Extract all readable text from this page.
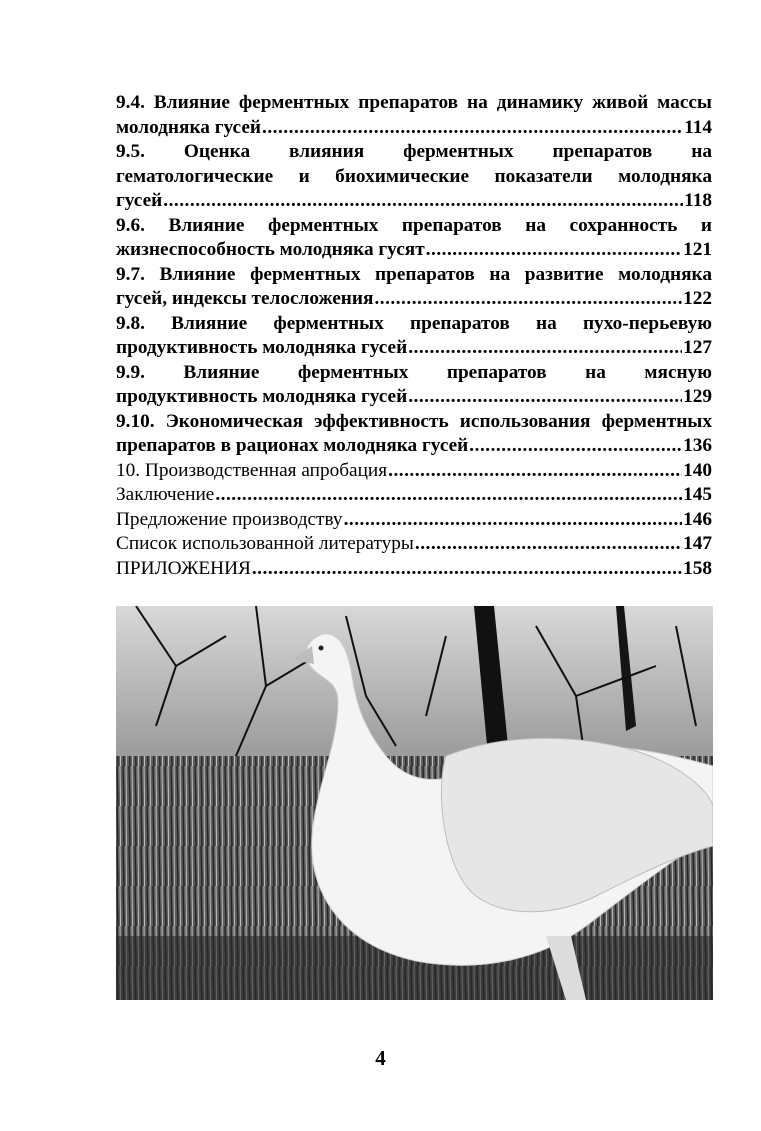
9.4. Влияние ферментных препаратов на динамику живой массы
молодняка гусей .....	114
9.5. Оценка влияния ферментных препаратов на
гематологические и биохимические показатели молодняка
гусей .....	118
9.6. Влияние ферментных препаратов на сохранность и
жизнеспособность молодняка гусят .....	121
9.7. Влияние ферментных препаратов на развитие молодняка
гусей, индексы телосложения .....	122
9.8. Влияние ферментных препаратов на пухо-перьевую
продуктивность молодняка гусей .....	127
9.9. Влияние ферментных препаратов на мясную
продуктивность молодняка гусей .....	129
9.10. Экономическая эффективность использования ферментных
препаратов в рационах молодняка гусей .....	136
10. Производственная апробация .....	140
Заключение .....	145
Предложение производству .....	146
Список использованной литературы .....	147
ПРИЛОЖЕНИЯ .....	158
4
